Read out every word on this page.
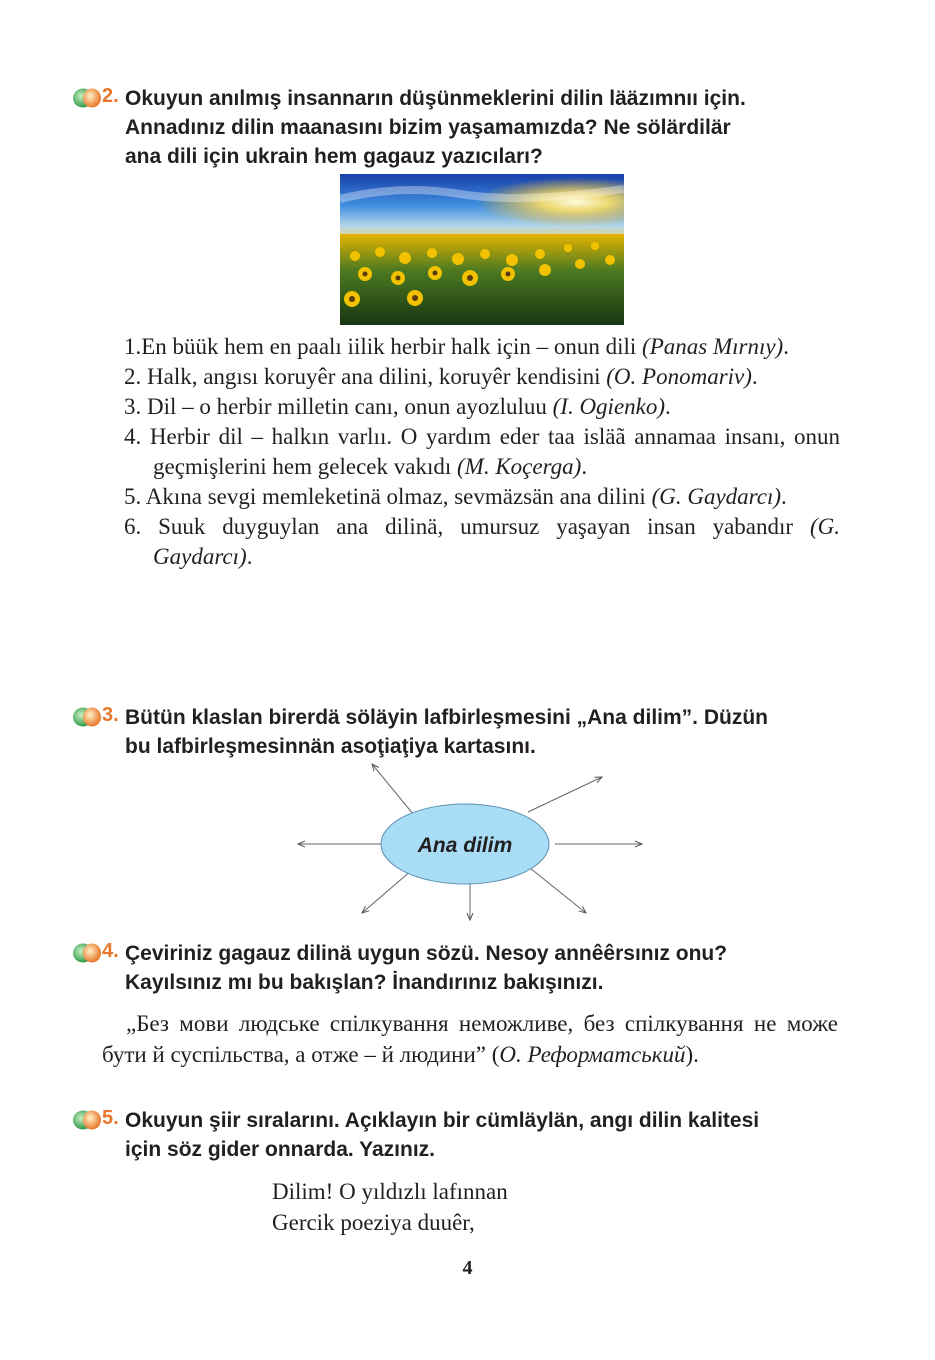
2. Okuyun anılmış insannarın düşünmeklerini dilin lääzımnıı için.
Annadınız dilin maanasını bizim yaşamamızda? Ne sölärdilär
ana dili için ukrain hem gagauz yazıcıları?
1.En büük hem en paalı iilik herbir halk için – onun dili (Panas Mırnıy).
2. Halk, angısı koruyêr ana dilini, koruyêr kendisini (O. Ponomariv).
3. Dil – o herbir milletin canı, onun ayozluluu (I. Ogienko).
4. Herbir dil – halkın varlıı. O yardım eder taa isläã annamaa insanı, onun geçmişlerini hem gelecek vakıdı (M. Koçerga).
5. Akına sevgi memleketinä olmaz, sevmäzsän ana dilini (G. Gaydarcı).
6. Suuk duyguylan ana dilinä, umursuz yaşayan insan yabandır (G. Gaydarcı).
3. Bütün klaslan birerdä söläyin lafbirleşmesini „Ana dilim”. Düzün
bu lafbirleşmesinnän asoţiaţiya kartasını.
Ana dilim
4. Çeviriniz gagauz dilinä uygun sözü. Nesoy annêêrsınız onu?
Kayılsınız mı bu bakışlan? İnandırınız bakışınızı.
„Без мови людське спілкування неможливе, без спілкування не може бути й суспільства, а отже – й людини” (О. Реформатський).
5. Okuyun şiir sıralarını. Açıklayın bir cümläylän, angı dilin kalitesi
için söz gider onnarda. Yazınız.
Dilim! O yıldızlı lafınnan
Gercik poeziya duuêr,
4
